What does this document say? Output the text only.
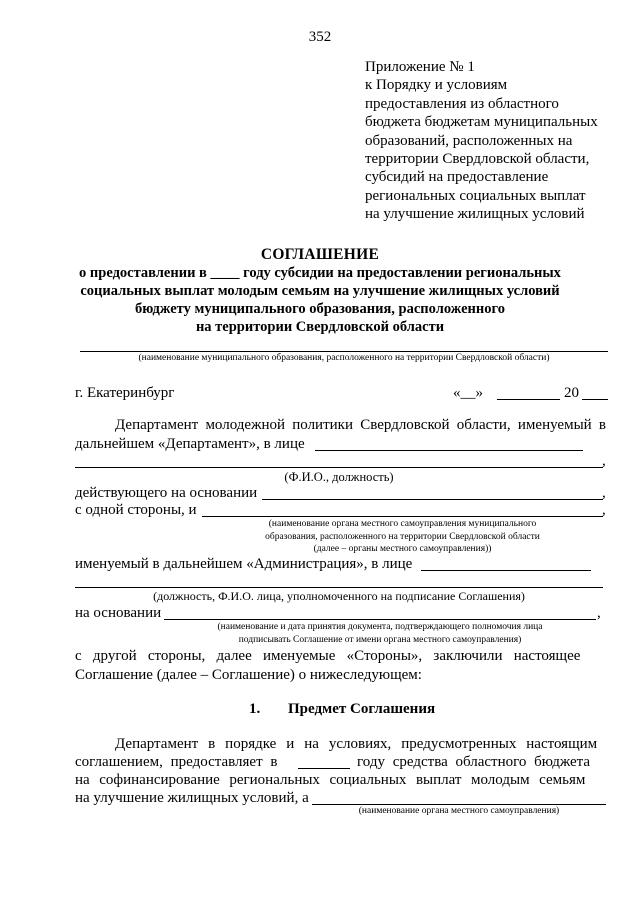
352
Приложение № 1
к Порядку и условиям
предоставления из областного
бюджета бюджетам муниципальных
образований, расположенных на
территории Свердловской области,
субсидий на предоставление
региональных социальных выплат
на улучшение жилищных условий
СОГЛАШЕНИЕ
о предоставлении в ____ году субсидии на предоставлении региональных
социальных выплат молодым семьям на улучшение жилищных условий
бюджету муниципального образования, расположенного
на территории Свердловской области
(наименование муниципального образования, расположенного на территории Свердловской области)
г. Екатеринбург	«__»	20
Департамент молодежной политики Свердловской области, именуемый в
дальнейшем «Департамент», в лице
,
(Ф.И.О., должность)
действующего на основании	,
с одной стороны, и	,
(наименование органа местного самоуправления муниципального
образования, расположенного на территории Свердловской области
(далее – органы местного самоуправления))
именуемый в дальнейшем «Администрация», в лице
(должность, Ф.И.О. лица, уполномоченного на подписание Соглашения)
на основании	,
(наименование и дата принятия документа, подтверждающего полномочия лица
подписывать Соглашение от имени органа местного самоуправления)
с другой стороны, далее именуемые «Стороны», заключили настоящее
Соглашение (далее – Соглашение) о нижеследующем:
1. Предмет Соглашения
Департамент в порядке и на условиях, предусмотренных настоящим
соглашением, предоставляет в	году средства областного бюджета
на софинансирование региональных социальных выплат молодым семьям
на улучшение жилищных условий, а
(наименование органа местного самоуправления)
